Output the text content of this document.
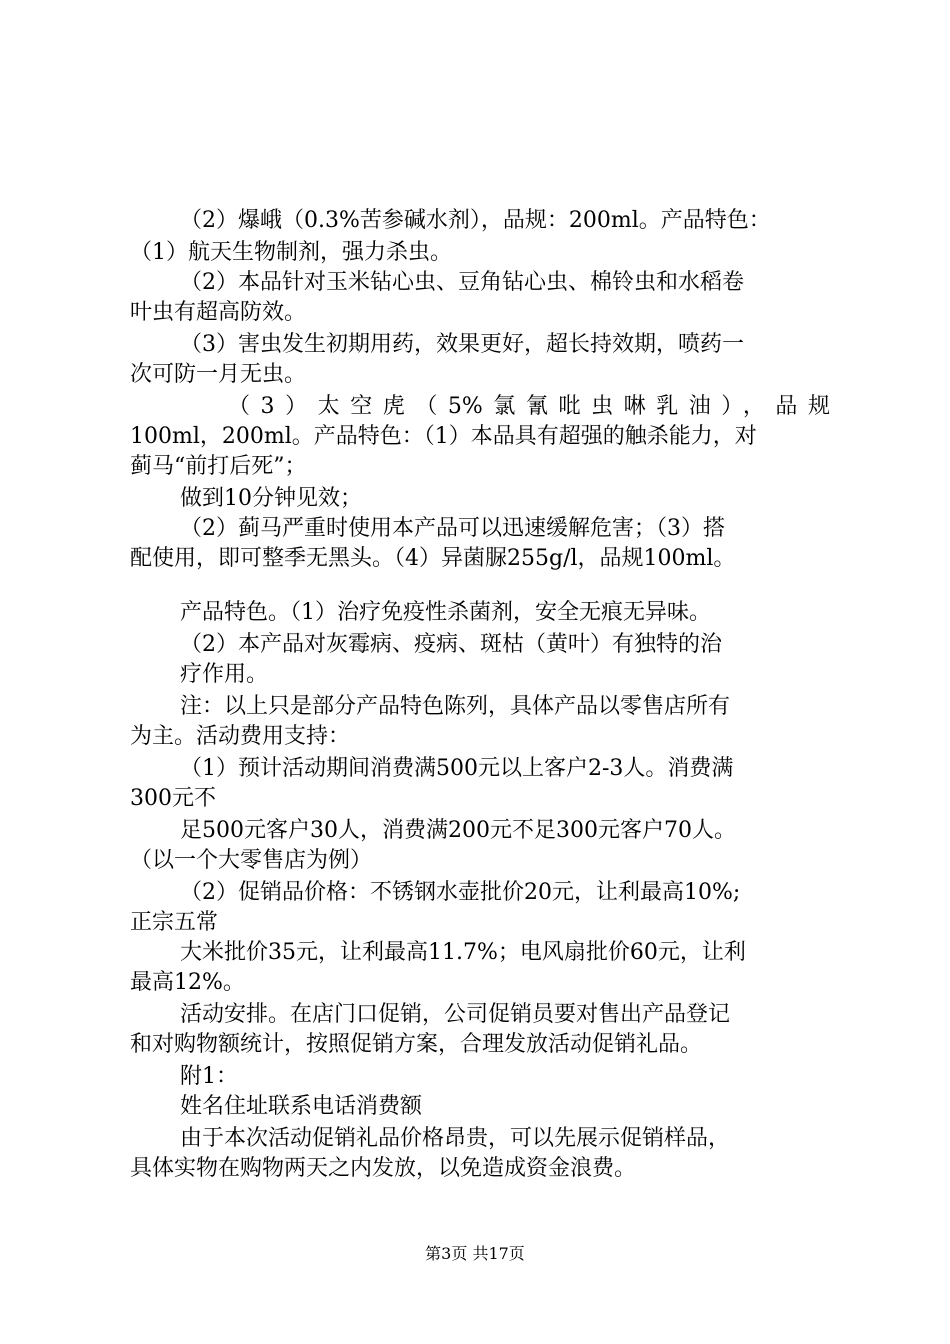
（2）爆峨（0.3%苦参碱水剂），品规：200ml。产品特色：
（1）航天生物制剂，强力杀虫。
（2）本品针对玉米钻心虫、豆角钻心虫、棉铃虫和水稻卷
叶虫有超高防效。
（3）害虫发生初期用药，效果更好，超长持效期，喷药一
次可防一月无虫。
（3）太空虎（5%氯氰吡虫啉乳油），品规
100ml，200ml。产品特色：（1）本品具有超强的触杀能力，对
蓟马“前打后死”；
做到10分钟见效；
（2）蓟马严重时使用本产品可以迅速缓解危害；（3）搭
配使用，即可整季无黑头。（4）异菌脲255g/l，品规100ml。
产品特色。（1）治疗免疫性杀菌剂，安全无痕无异味。
（2）本产品对灰霉病、疫病、斑枯（黄叶）有独特的治
疗作用。
注：以上只是部分产品特色陈列，具体产品以零售店所有
为主。活动费用支持：
（1）预计活动期间消费满500元以上客户2-3人。消费满
300元不
足500元客户30人，消费满200元不足300元客户70人。
（以一个大零售店为例）
（2）促销品价格：不锈钢水壶批价20元，让利最高10%;
正宗五常
大米批价35元，让利最高11.7%；电风扇批价60元，让利
最高12%。
活动安排。在店门口促销，公司促销员要对售出产品登记
和对购物额统计，按照促销方案，合理发放活动促销礼品。
附1：
姓名住址联系电话消费额
由于本次活动促销礼品价格昂贵，可以先展示促销样品，
具体实物在购物两天之内发放，以免造成资金浪费。
第3页 共17页
